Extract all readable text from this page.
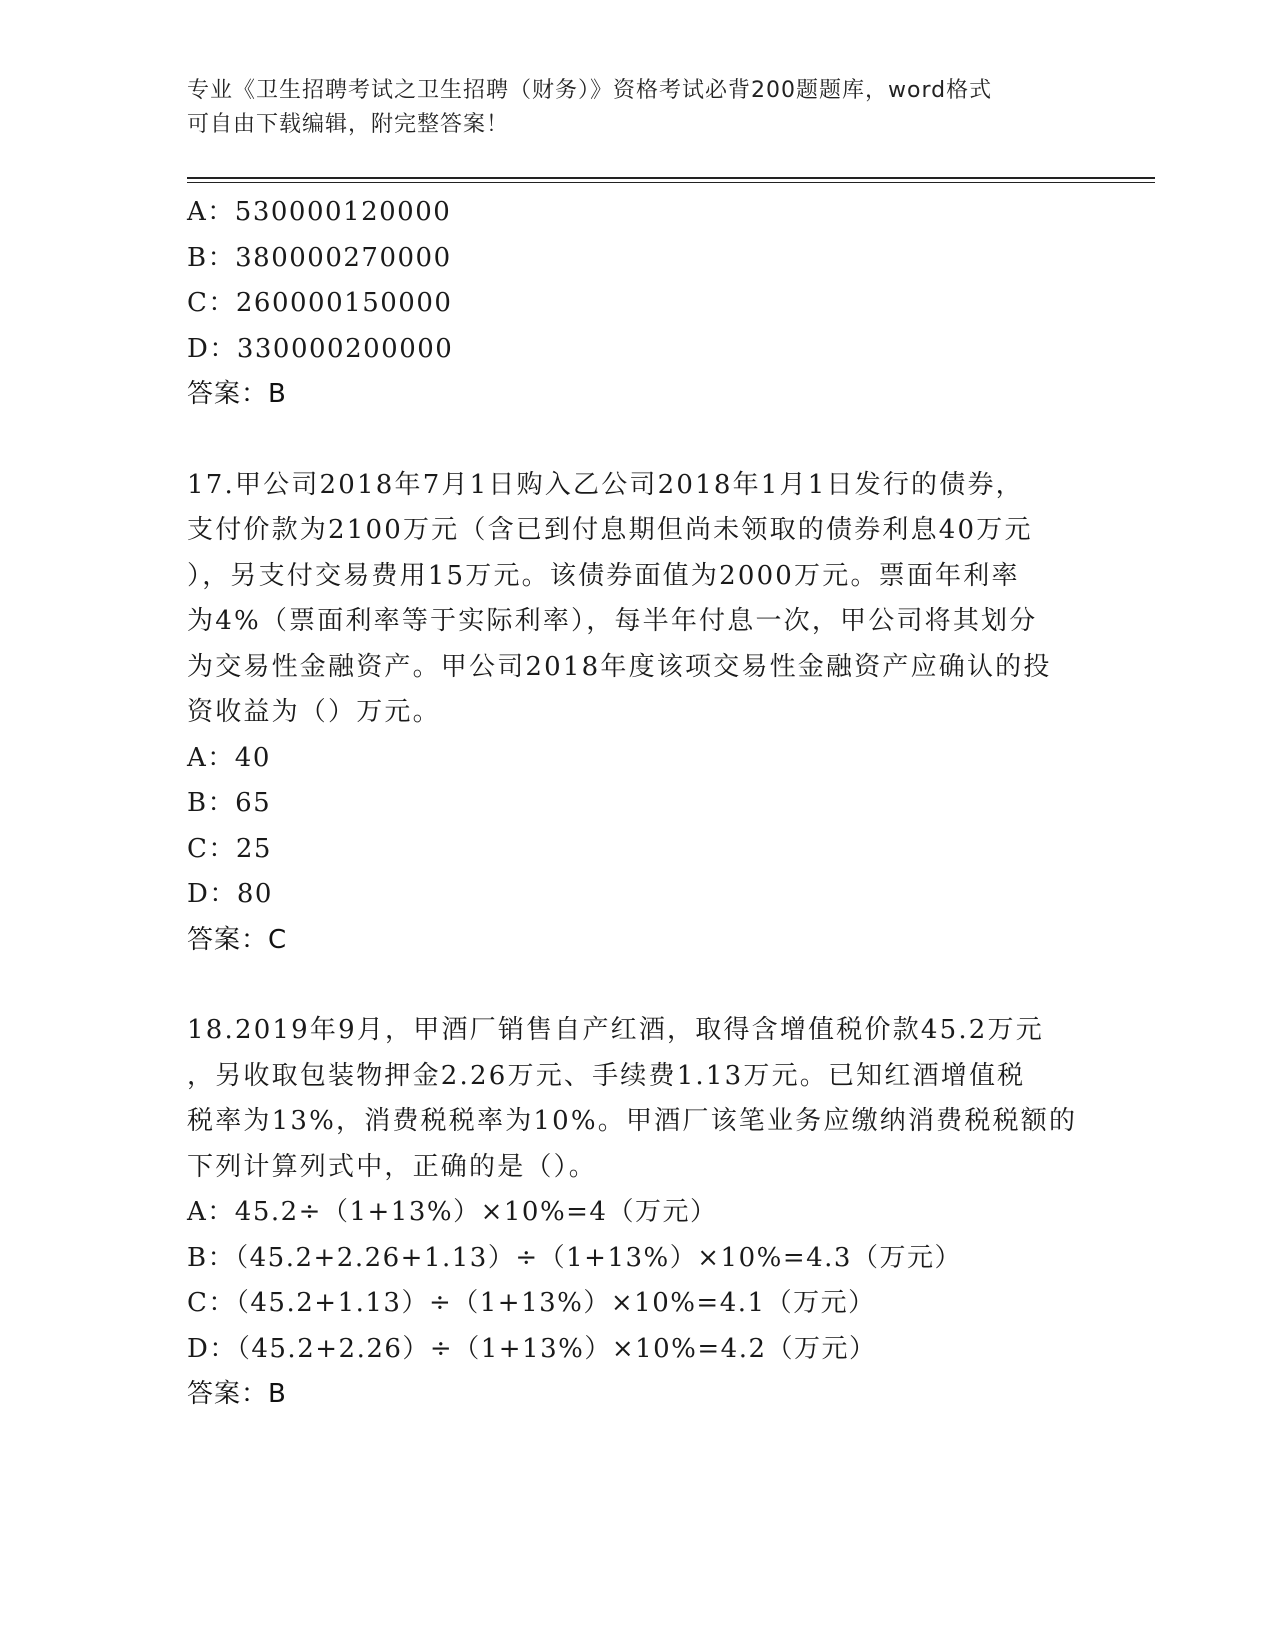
专业《卫生招聘考试之卫生招聘（财务）》资格考试必背200题题库，word格式
可自由下载编辑，附完整答案！
A：530000120000
B：380000270000
C：260000150000
D：330000200000
答案：B
17.甲公司2018年7月1日购入乙公司2018年1月1日发行的债券，
支付价款为2100万元（含已到付息期但尚未领取的债券利息40万元
），另支付交易费用15万元。该债券面值为2000万元。票面年利率
为4%（票面利率等于实际利率），每半年付息一次，甲公司将其划分
为交易性金融资产。甲公司2018年度该项交易性金融资产应确认的投
资收益为（）万元。
A：40
B：65
C：25
D：80
答案：C
18.2019年9月，甲酒厂销售自产红酒，取得含增值税价款45.2万元
，另收取包装物押金2.26万元、手续费1.13万元。已知红酒增值税
税率为13%，消费税税率为10%。甲酒厂该笔业务应缴纳消费税税额的
下列计算列式中，正确的是（）。
A：45.2÷（1+13%）×10%=4（万元）
B：（45.2+2.26+1.13）÷（1+13%）×10%=4.3（万元）
C：（45.2+1.13）÷（1+13%）×10%=4.1（万元）
D：（45.2+2.26）÷（1+13%）×10%=4.2（万元）
答案：B
